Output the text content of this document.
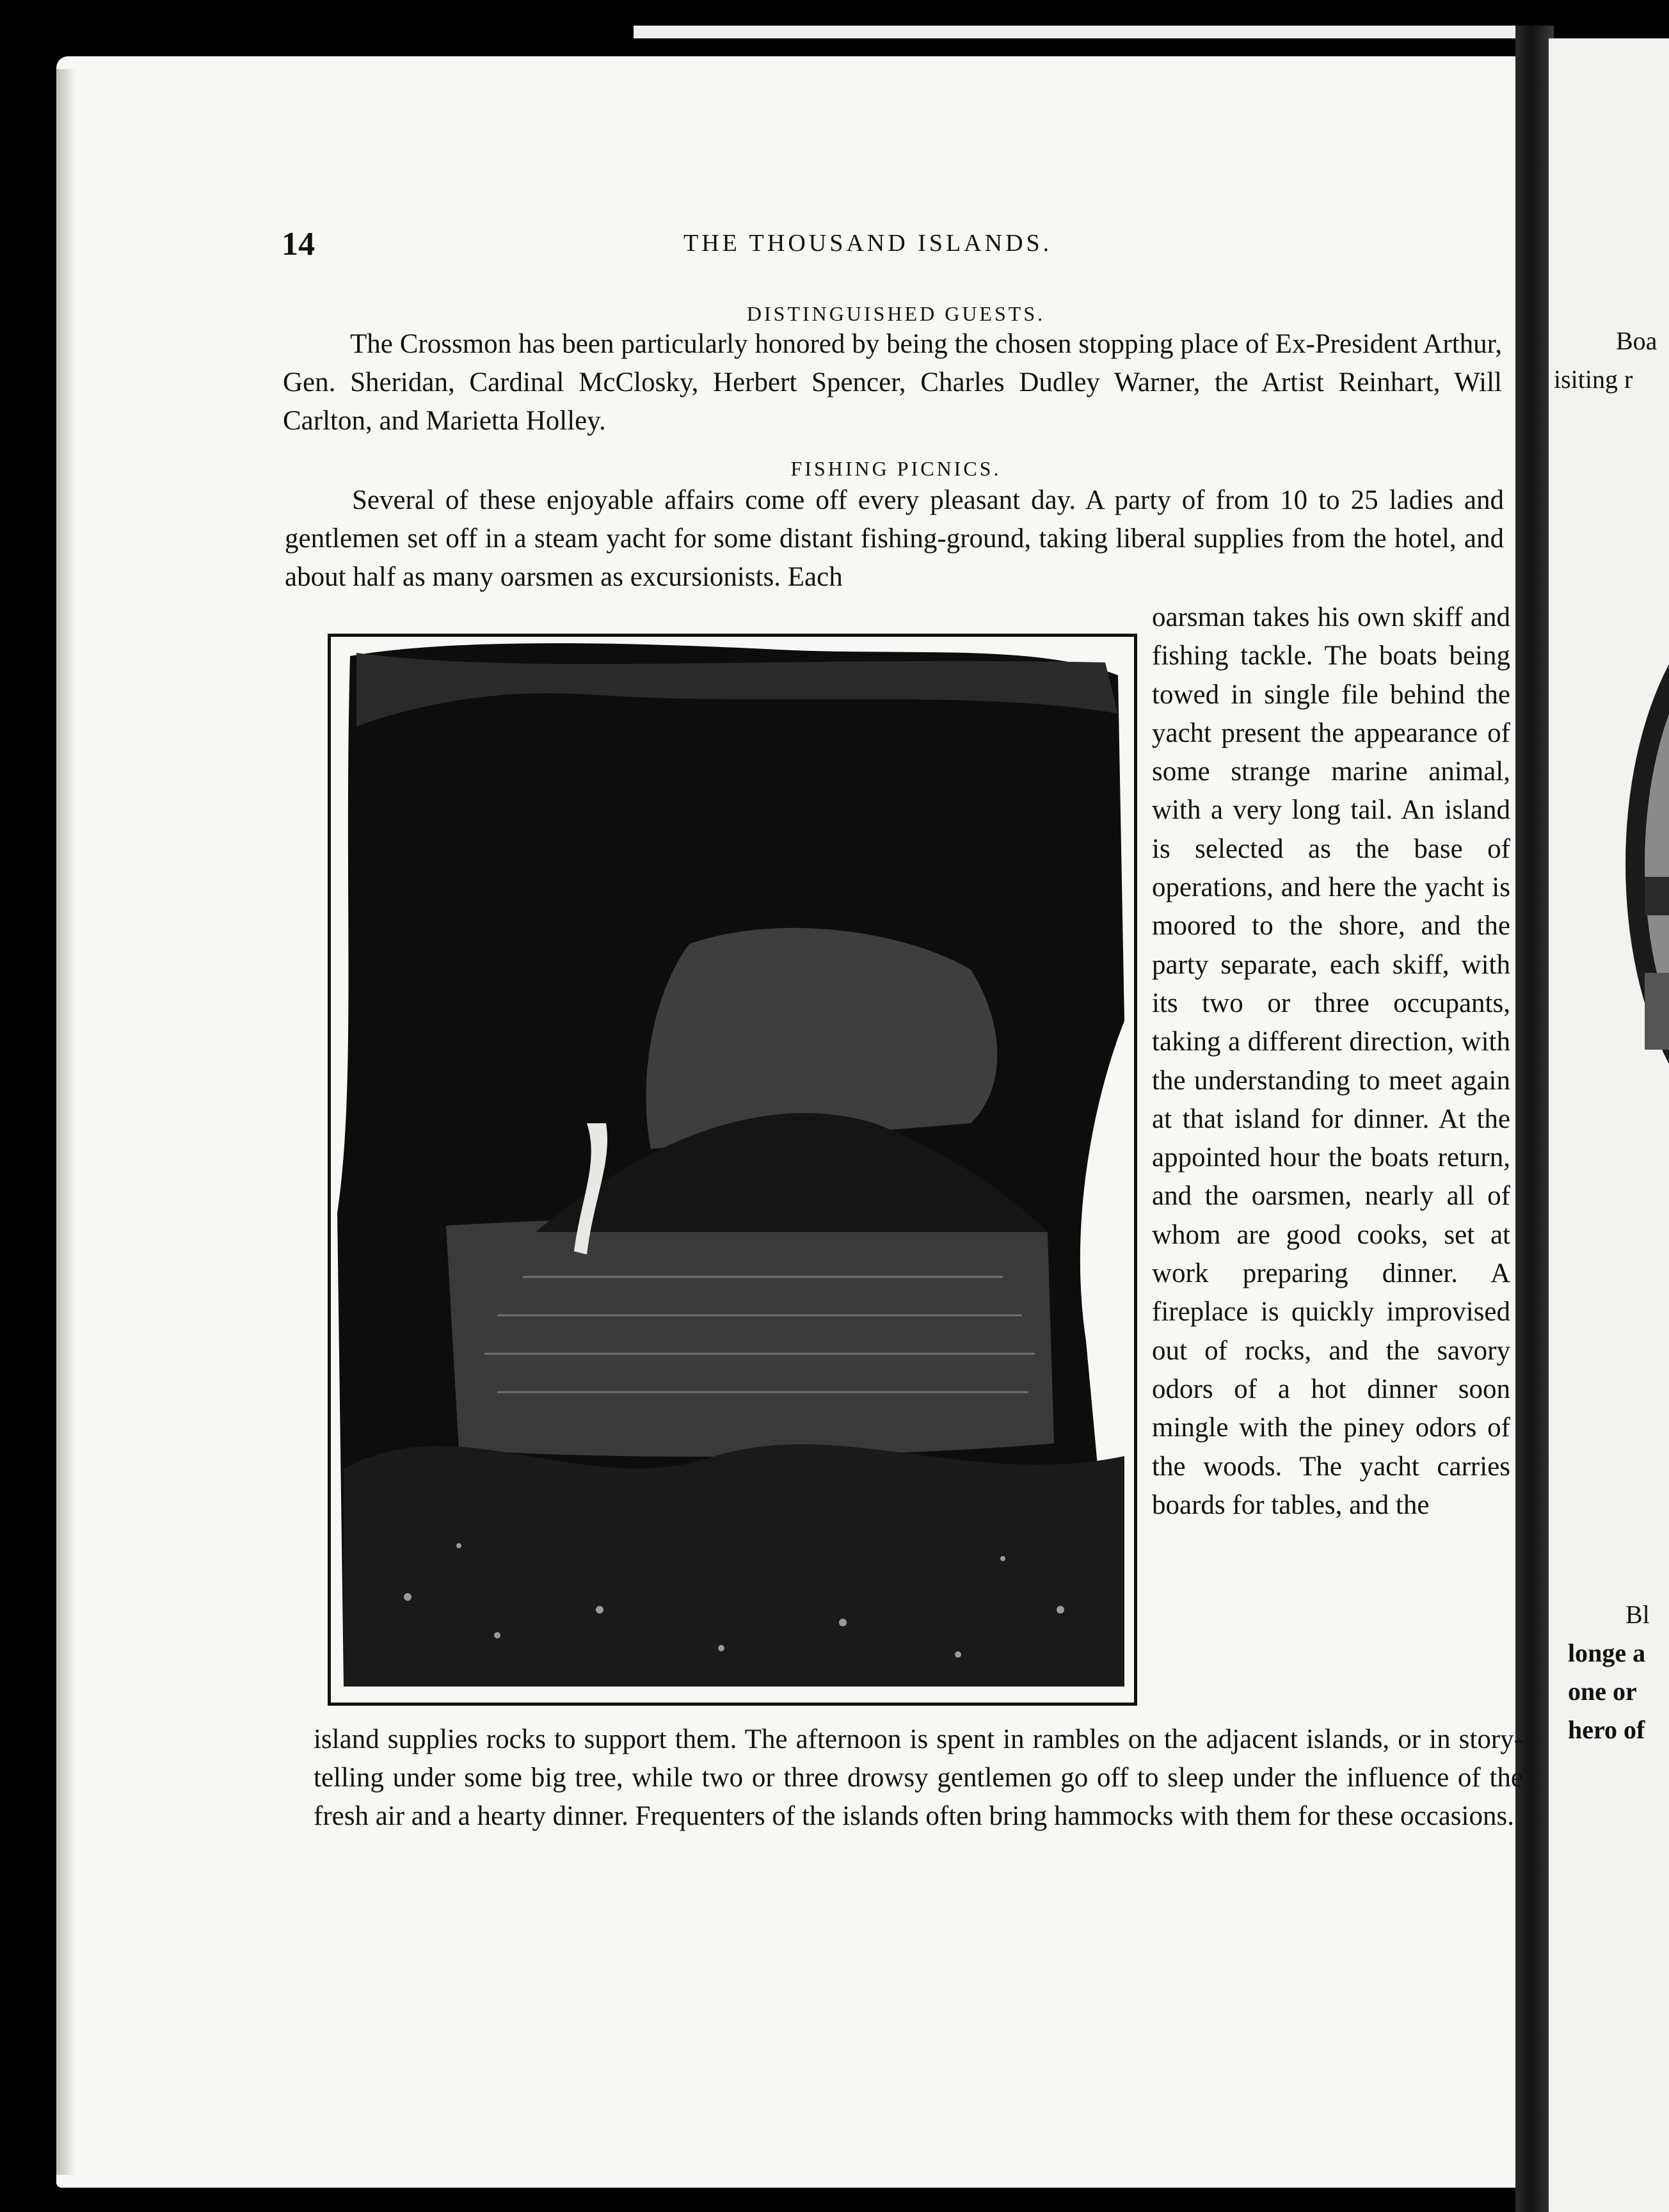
14	THE THOUSAND ISLANDS.
DISTINGUISHED GUESTS.

The Crossmon has been particularly honored by being the chosen stopping place of Ex-President Arthur, Gen. Sheridan, Cardinal McClosky, Herbert Spencer, Charles Dudley Warner, the Artist Reinhart, Will Carlton, and Marietta Holley.

FISHING PICNICS.

Several of these enjoyable affairs come off every pleasant day. A party of from 10 to 25 ladies and gentlemen set off in a steam yacht for some distant fishing-ground, taking liberal supplies from the hotel, and about half as many oarsmen as excursionists. Each

oarsman takes his own skiff and fishing tackle. The boats being towed in single file behind the yacht present the appearance of some strange marine animal, with a very long tail. An island is selected as the base of operations, and here the yacht is moored to the shore, and the party separate, each skiff, with its two or three occupants, taking a different direction, with the understanding to meet again at that island for dinner. At the appointed hour the boats return, and the oarsmen, nearly all of whom are good cooks, set at work preparing dinner. A fireplace is quickly improvised out of rocks, and the savory odors of a hot dinner soon mingle with the piney odors of the woods. The yacht carries boards for tables, and the

island supplies rocks to support them. The afternoon is spent in rambles on the adjacent islands, or in story-telling under some big tree, while two or three drowsy gentlemen go off to sleep under the influence of the fresh air and a hearty dinner. Frequenters of the islands often bring hammocks with them for these occasions.

Boa
isiting r
Bl
longe a
one or
hero of
